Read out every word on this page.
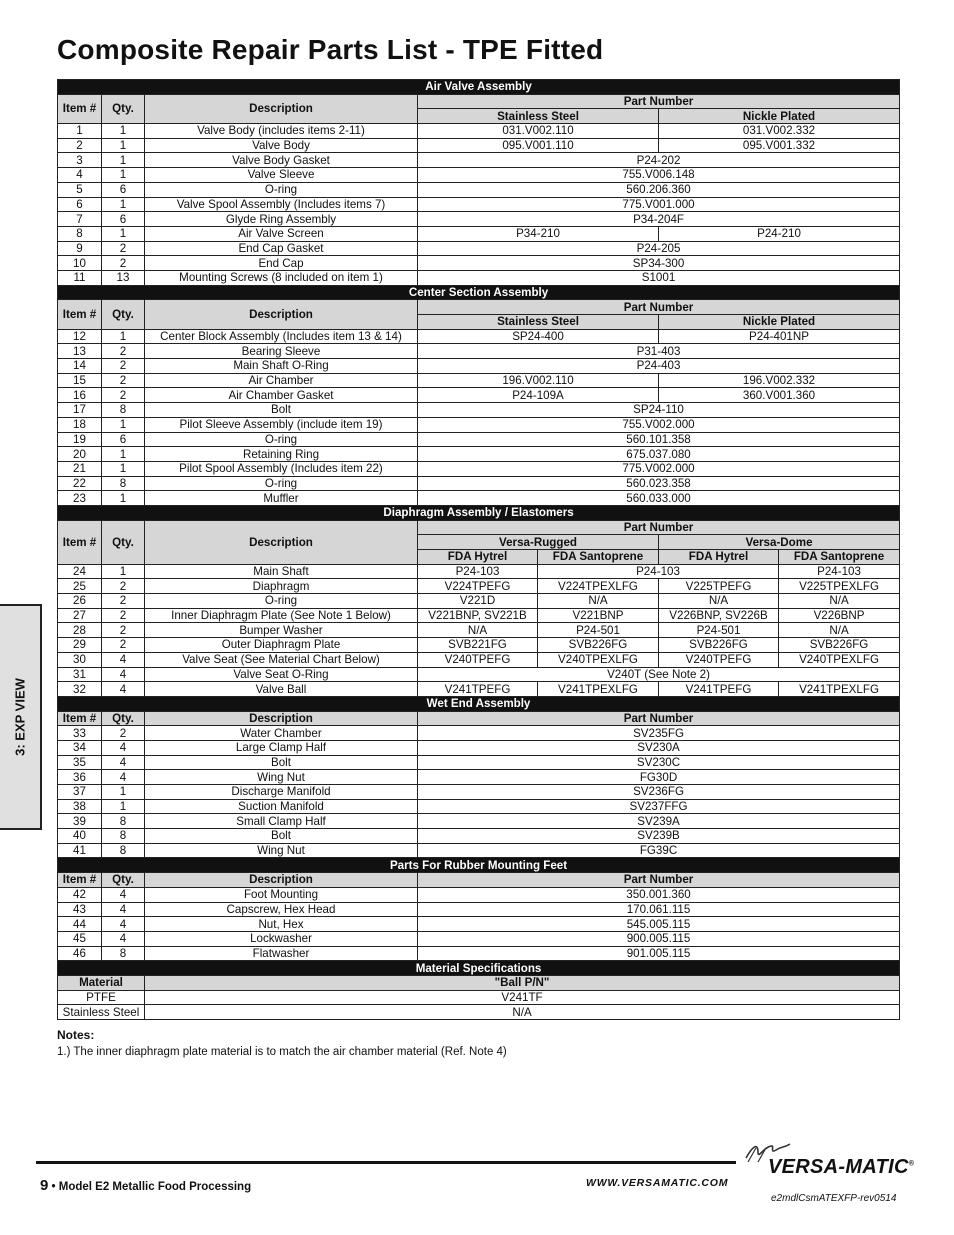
Composite Repair Parts List - TPE Fitted
3: EXP VIEW
Air Valve Assembly						
Item #	Qty.	Description	Part Number			
			Stainless Steel		Nickle Plated	
1	1	Valve Body (includes items 2-11)	031.V002.110		031.V002.332	
2	1	Valve Body	095.V001.110		095.V001.332	
3	1	Valve Body Gasket	P24-202			
4	1	Valve Sleeve	755.V006.148			
5	6	O-ring	560.206.360			
6	1	Valve Spool Assembly (Includes items 7)	775.V001.000			
7	6	Glyde Ring Assembly	P34-204F			
8	1	Air Valve Screen	P34-210		P24-210	
9	2	End Cap Gasket	P24-205			
10	2	End Cap	SP34-300			
11	13	Mounting Screws (8 included on item 1)	S1001			
Center Section Assembly						
Item #	Qty.	Description	Part Number			
			Stainless Steel		Nickle Plated	
12	1	Center Block Assembly (Includes item 13 & 14)	SP24-400		P24-401NP	
13	2	Bearing Sleeve	P31-403			
14	2	Main Shaft O-Ring	P24-403			
15	2	Air Chamber	196.V002.110		196.V002.332	
16	2	Air Chamber Gasket	P24-109A		360.V001.360	
17	8	Bolt	SP24-110			
18	1	Pilot Sleeve Assembly (include item 19)	755.V002.000			
19	6	O-ring	560.101.358			
20	1	Retaining Ring	675.037.080			
21	1	Pilot Spool Assembly (Includes item 22)	775.V002.000			
22	8	O-ring	560.023.358			
23	1	Muffler	560.033.000			
Diaphragm Assembly / Elastomers						
Item #	Qty.	Description	Part Number			
			Versa-Rugged		Versa-Dome	
			FDA Hytrel	FDA Santoprene	FDA Hytrel	FDA Santoprene
24	1	Main Shaft	P24-103	P24-103		P24-103
25	2	Diaphragm	V224TPEFG	V224TPEXLFG	V225TPEFG	V225TPEXLFG
26	2	O-ring	V221D	N/A	N/A	N/A
27	2	Inner Diaphragm Plate (See Note 1 Below)	V221BNP, SV221B	V221BNP	V226BNP, SV226B	V226BNP
28	2	Bumper Washer	N/A	P24-501	P24-501	N/A
29	2	Outer Diaphragm Plate	SVB221FG	SVB226FG	SVB226FG	SVB226FG
30	4	Valve Seat (See Material Chart Below)	V240TPEFG	V240TPEXLFG	V240TPEFG	V240TPEXLFG
31	4	Valve Seat O-Ring	V240T (See Note 2)			
32	4	Valve Ball	V241TPEFG	V241TPEXLFG	V241TPEFG	V241TPEXLFG
Wet End Assembly						
Item #	Qty.	Description	Part Number			
33	2	Water Chamber	SV235FG			
34	4	Large Clamp Half	SV230A			
35	4	Bolt	SV230C			
36	4	Wing Nut	FG30D			
37	1	Discharge Manifold	SV236FG			
38	1	Suction Manifold	SV237FFG			
39	8	Small Clamp Half	SV239A			
40	8	Bolt	SV239B			
41	8	Wing Nut	FG39C			
Parts For Rubber Mounting Feet						
Item #	Qty.	Description	Part Number			
42	4	Foot Mounting	350.001.360			
43	4	Capscrew, Hex Head	170.061.115			
44	4	Nut, Hex	545.005.115			
45	4	Lockwasher	900.005.115			
46	8	Flatwasher	901.005.115			
Material Specifications						
Material		"Ball P/N"				
PTFE		V241TF				
Stainless Steel		N/A				
Notes:
1.) The inner diaphragm plate material is to match the air chamber material (Ref. Note 4)
9 • Model E2 Metallic Food Processing	WWW.VERSAMATIC.COM
VERSA-MATIC®
e2mdlCsmATEXFP-rev0514
